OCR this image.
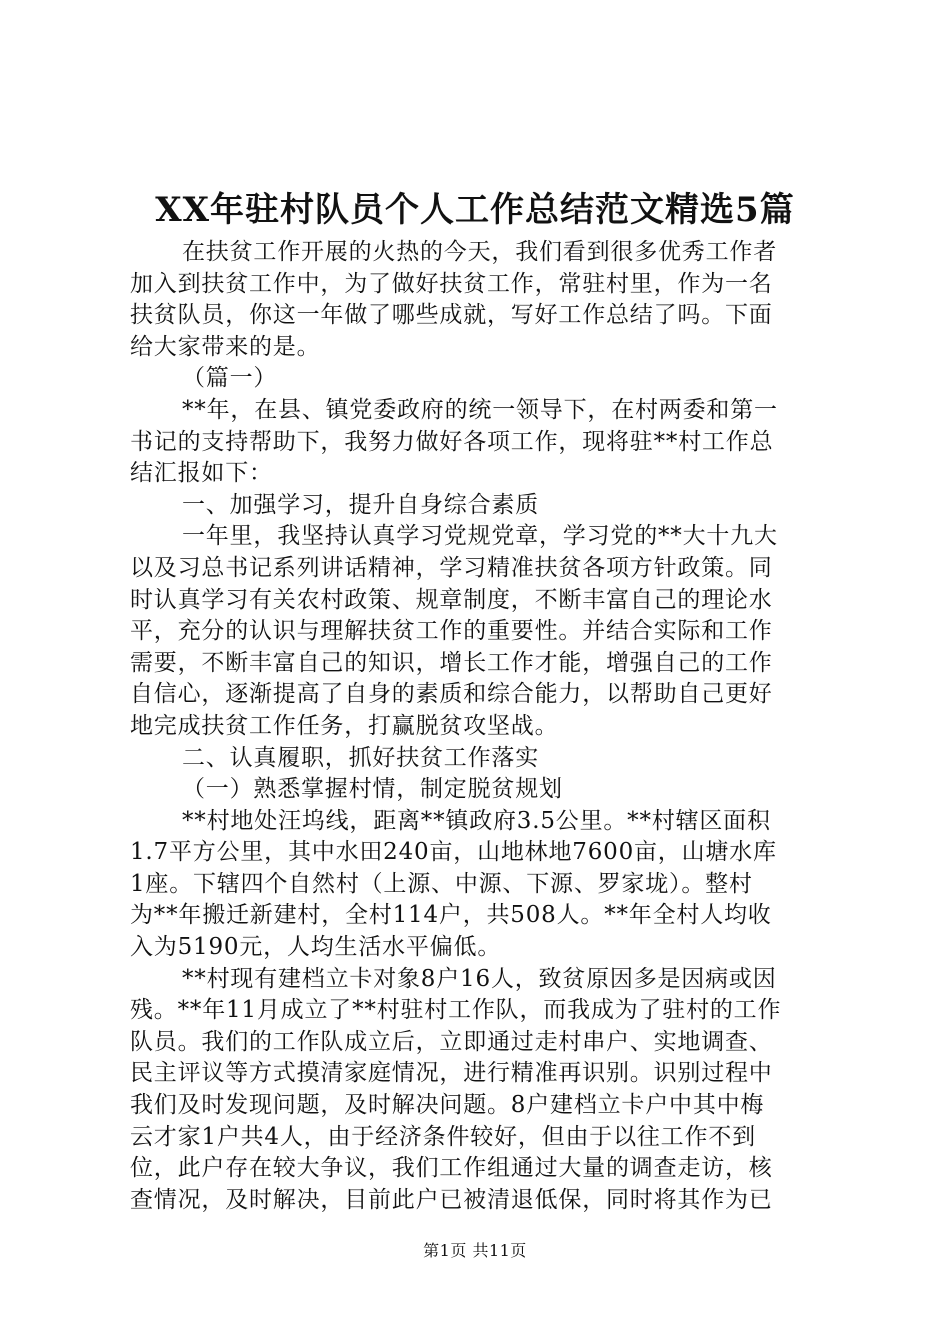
XX年驻村队员个人工作总结范文精选5篇

在扶贫工作开展的火热的今天，我们看到很多优秀工作者
加入到扶贫工作中，为了做好扶贫工作，常驻村里，作为一名
扶贫队员，你这一年做了哪些成就，写好工作总结了吗。下面
给大家带来的是。

（篇一）

**年，在县、镇党委政府的统一领导下，在村两委和第一
书记的支持帮助下，我努力做好各项工作，现将驻**村工作总
结汇报如下：

一、加强学习，提升自身综合素质

一年里，我坚持认真学习党规党章，学习党的**大十九大
以及习总书记系列讲话精神，学习精准扶贫各项方针政策。同
时认真学习有关农村政策、规章制度，不断丰富自己的理论水
平，充分的认识与理解扶贫工作的重要性。并结合实际和工作
需要，不断丰富自己的知识，增长工作才能，增强自己的工作
自信心，逐渐提高了自身的素质和综合能力，以帮助自己更好
地完成扶贫工作任务，打赢脱贫攻坚战。

二、认真履职，抓好扶贫工作落实

（一）熟悉掌握村情，制定脱贫规划

**村地处汪坞线，距离**镇政府3.5公里。**村辖区面积
1.7平方公里，其中水田240亩，山地林地7600亩，山塘水库
1座。下辖四个自然村（上源、中源、下源、罗家垅）。整村
为**年搬迁新建村，全村114户，共508人。**年全村人均收
入为5190元，人均生活水平偏低。

**村现有建档立卡对象8户16人，致贫原因多是因病或因
残。**年11月成立了**村驻村工作队，而我成为了驻村的工作
队员。我们的工作队成立后，立即通过走村串户、实地调查、
民主评议等方式摸清家庭情况，进行精准再识别。识别过程中
我们及时发现问题，及时解决问题。8户建档立卡户中其中梅
云才家1户共4人，由于经济条件较好，但由于以往工作不到
位，此户存在较大争议，我们工作组通过大量的调查走访，核
查情况，及时解决，目前此户已被清退低保，同时将其作为已

第1页 共11页
